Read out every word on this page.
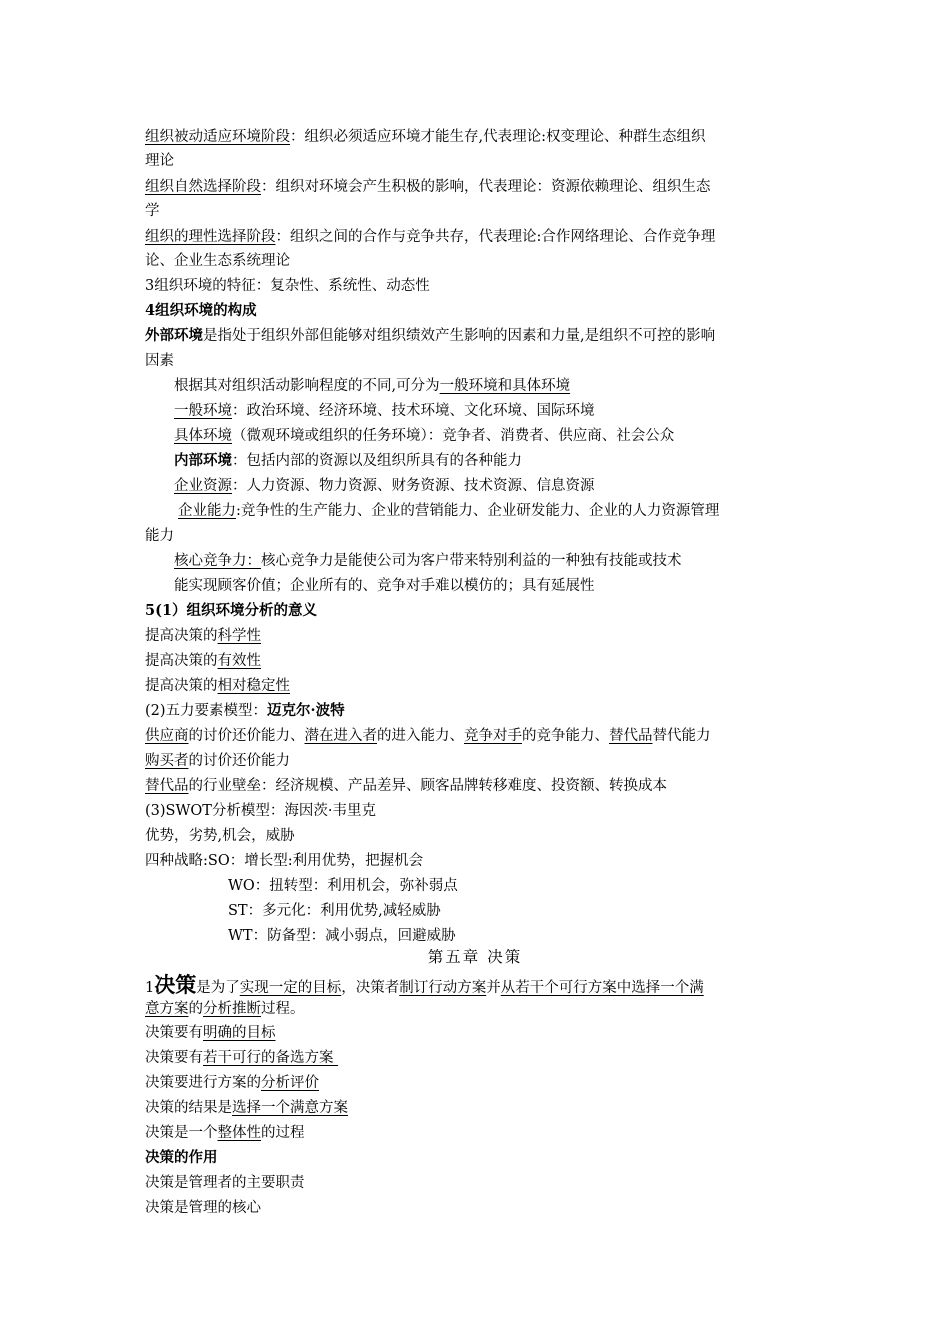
组织被动适应环境阶段：组织必须适应环境才能生存,代表理论:权变理论、种群生态组织
理论
组织自然选择阶段：组织对环境会产生积极的影响，代表理论：资源依赖理论、组织生态
学
组织的理性选择阶段：组织之间的合作与竞争共存，代表理论:合作网络理论、合作竞争理
论、企业生态系统理论
3组织环境的特征：复杂性、系统性、动态性
4组织环境的构成
外部环境是指处于组织外部但能够对组织绩效产生影响的因素和力量,是组织不可控的影响
因素
根据其对组织活动影响程度的不同,可分为一般环境和具体环境
一般环境：政治环境、经济环境、技术环境、文化环境、国际环境
具体环境（微观环境或组织的任务环境）：竞争者、消费者、供应商、社会公众
内部环境：包括内部的资源以及组织所具有的各种能力
企业资源：人力资源、物力资源、财务资源、技术资源、信息资源
企业能力:竞争性的生产能力、企业的营销能力、企业研发能力、企业的人力资源管理
能力
核心竞争力：核心竞争力是能使公司为客户带来特别利益的一种独有技能或技术
能实现顾客价值；企业所有的、竞争对手难以模仿的；具有延展性
5(1）组织环境分析的意义
提高决策的科学性
提高决策的有效性
提高决策的相对稳定性
(2)五力要素模型：迈克尔·波特
供应商的讨价还价能力、潜在进入者的进入能力、竞争对手的竞争能力、替代品替代能力
购买者的讨价还价能力
替代品的行业壁垒：经济规模、产品差异、顾客品牌转移难度、投资额、转换成本
(3)SWOT分析模型：海因茨·韦里克
优势，劣势,机会，威胁
四种战略:SO：增长型:利用优势，把握机会
WO：扭转型：利用机会，弥补弱点
ST：多元化：利用优势,减轻威胁
WT：防备型：减小弱点，回避威胁
第五章 决策
1决策是为了实现一定的目标，决策者制订行动方案并从若干个可行方案中选择一个满
意方案的分析推断过程。
决策要有明确的目标
决策要有若干可行的备选方案
决策要进行方案的分析评价
决策的结果是选择一个满意方案
决策是一个整体性的过程
决策的作用
决策是管理者的主要职责
决策是管理的核心
